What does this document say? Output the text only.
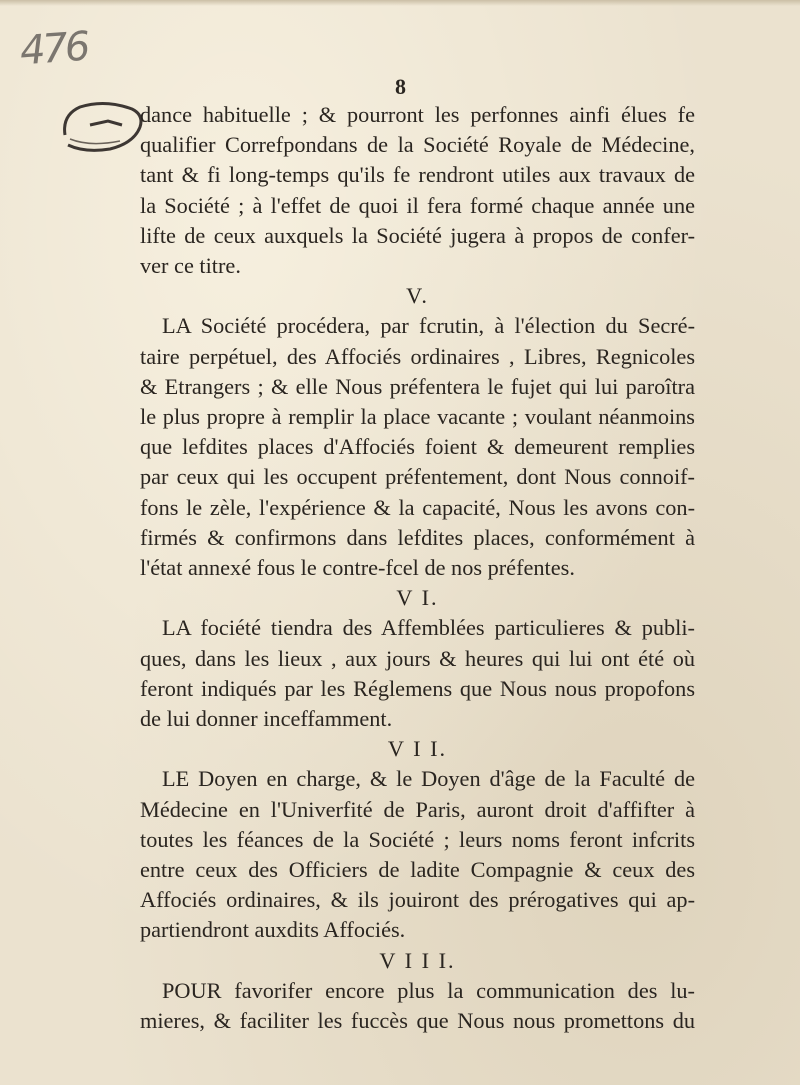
476
8
dance habituelle ; & pourront les perfonnes ainfi élues fe
qualifier Correfpondans de la Société Royale de Médecine,
tant & fi long-temps qu'ils fe rendront utiles aux travaux de
la Société ; à l'effet de quoi il fera formé chaque année une
lifte de ceux auxquels la Société jugera à propos de confer-
ver ce titre.

V.

LA Société procédera, par fcrutin, à l'élection du Secré-
taire perpétuel, des Affociés ordinaires , Libres, Regnicoles
& Etrangers ; & elle Nous préfentera le fujet qui lui paroîtra
le plus propre à remplir la place vacante ; voulant néanmoins
que lefdites places d'Affociés foient & demeurent remplies
par ceux qui les occupent préfentement, dont Nous connoif-
fons le zèle, l'expérience & la capacité, Nous les avons con-
firmés & confirmons dans lefdites places, conformément à
l'état annexé fous le contre-fcel de nos préfentes.

V I.

LA fociété tiendra des Affemblées particulieres & publi-
ques, dans les lieux , aux jours & heures qui lui ont été où
feront indiqués par les Réglemens que Nous nous propofons
de lui donner inceffamment.

V I I.

LE Doyen en charge, & le Doyen d'âge de la Faculté de
Médecine en l'Univerfité de Paris, auront droit d'affifter à
toutes les féances de la Société ; leurs noms feront infcrits
entre ceux des Officiers de ladite Compagnie & ceux des
Affociés ordinaires, & ils jouiront des prérogatives qui ap-
partiendront auxdits Affociés.

V I I I.

POUR favorifer encore plus la communication des lu-
mieres, & faciliter les fuccès que Nous nous promettons du
